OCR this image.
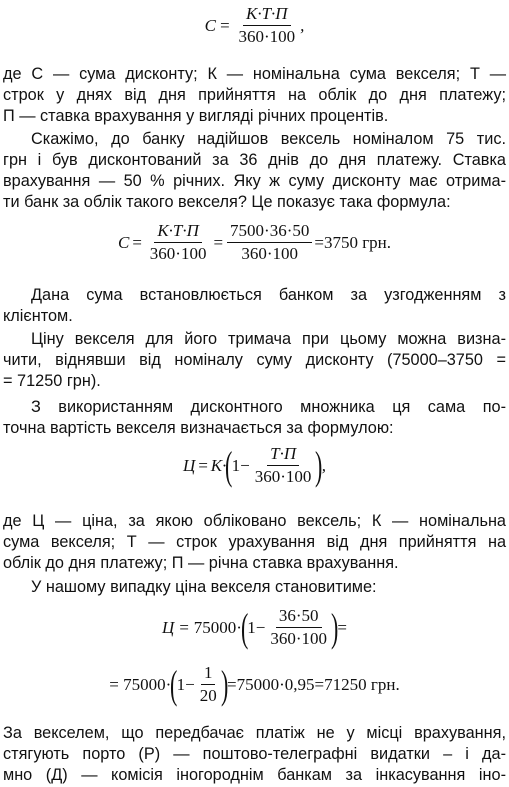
$C = \frac{K\cdot T\cdot П}{360\cdot 100}$ ,

де С — сума дисконту; К — номінальна сума векселя; Т —

строк у днях від дня прийняття на облік до дня платежу;

П — ставка врахування у вигляді річних процентів.

Скажімо, до банку надійшов вексель номіналом 75 тис.

грн і був дисконтований за 36 днів до дня платежу. Ставка

врахування — 50 % річних. Яку ж суму дисконту має отрима-

ти банк за облік такого векселя? Це показує така формула:

$C = \frac{K\cdot T\cdot П}{360\cdot 100} = \frac{7500\cdot 36\cdot 50}{360\cdot 100} =3750$ грн.

Дана сума встановлюється банком за узгодженням з

клієнтом.

Ціну векселя для його тримача при цьому можна визна-

чити, віднявши від номіналу суму дисконту (75000–3750 =

= 71250 грн).

З використанням дисконтного множника ця сама по-

точна вартість векселя визначається за формулою:

Ц = K·
(
$1- \frac{T\cdot П}{360\cdot 100}$ )
,

де Ц — ціна, за якою обліковано вексель; К — номінальна

сума векселя; Т — строк урахування від дня прийняття на

облік до дня платежу; П — річна ставка врахування.

У нашому випадку ціна векселя становитиме:

Ц = 75000·
(
$1- \frac{36\cdot 50}{360\cdot 100}$ )
=
= 75000·
(
$1- \frac{1}{20}$ )
=75000·0,95=71250 грн.

За векселем, що передбачає платіж не у місці врахування,

стягують порто (Р) — поштово-телеграфні видатки – і да-

мно (Д) — комісія іногороднім банкам за інкасування іно-
